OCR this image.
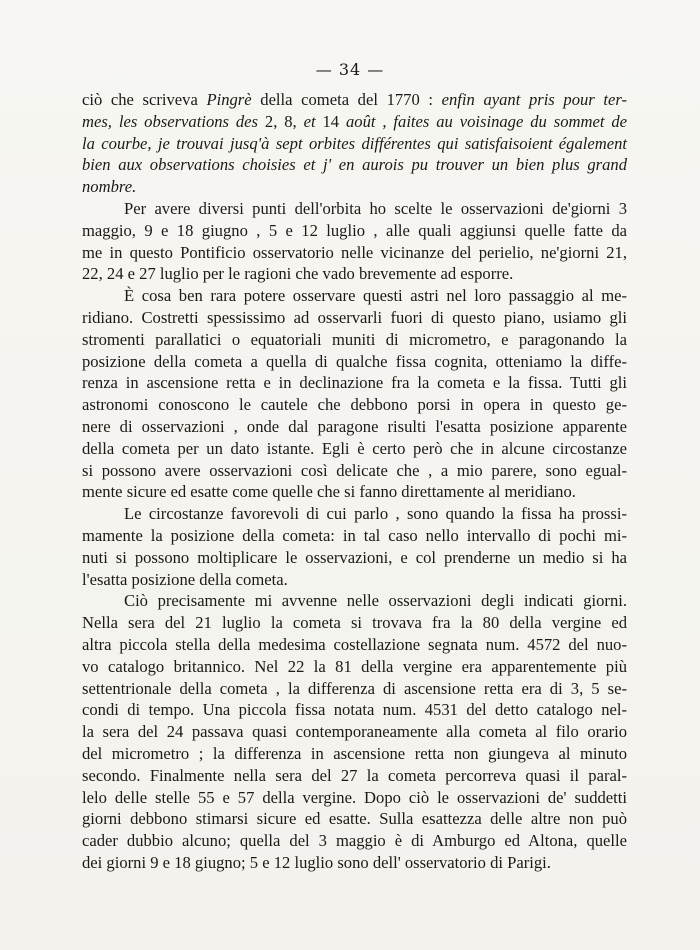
— 34 —
ciò che scriveva Pingrè della cometa del 1770 : enfin ayant pris pour ter-
mes, les observations des 2, 8, et 14 août , faites au voisinage du sommet de
la courbe, je trouvai jusq'à sept orbites différentes qui satisfaisoient également
bien aux observations choisies et j' en aurois pu trouver un bien plus grand
nombre.
Per avere diversi punti dell'orbita ho scelte le osservazioni de'giorni 3
maggio, 9 e 18 giugno , 5 e 12 luglio , alle quali aggiunsi quelle fatte da
me in questo Pontificio osservatorio nelle vicinanze del perielio, ne'giorni 21,
22, 24 e 27 luglio per le ragioni che vado brevemente ad esporre.
È cosa ben rara potere osservare questi astri nel loro passaggio al me-
ridiano. Costretti spessissimo ad osservarli fuori di questo piano, usiamo gli
stromenti parallatici o equatoriali muniti di micrometro, e paragonando la
posizione della cometa a quella di qualche fissa cognita, otteniamo la diffe-
renza in ascensione retta e in declinazione fra la cometa e la fissa. Tutti gli
astronomi conoscono le cautele che debbono porsi in opera in questo ge-
nere di osservazioni , onde dal paragone risulti l'esatta posizione apparente
della cometa per un dato istante. Egli è certo però che in alcune circostanze
si possono avere osservazioni così delicate che , a mio parere, sono egual-
mente sicure ed esatte come quelle che si fanno direttamente al meridiano.
Le circostanze favorevoli di cui parlo , sono quando la fissa ha prossi-
mamente la posizione della cometa: in tal caso nello intervallo di pochi mi-
nuti si possono moltiplicare le osservazioni, e col prenderne un medio si ha
l'esatta posizione della cometa.
Ciò precisamente mi avvenne nelle osservazioni degli indicati giorni.
Nella sera del 21 luglio la cometa si trovava fra la 80 della vergine ed
altra piccola stella della medesima costellazione segnata num. 4572 del nuo-
vo catalogo britannico. Nel 22 la 81 della vergine era apparentemente più
settentrionale della cometa , la differenza di ascensione retta era di 3, 5 se-
condi di tempo. Una piccola fissa notata num. 4531 del detto catalogo nel-
la sera del 24 passava quasi contemporaneamente alla cometa al filo orario
del micrometro ; la differenza in ascensione retta non giungeva al minuto
secondo. Finalmente nella sera del 27 la cometa percorreva quasi il paral-
lelo delle stelle 55 e 57 della vergine. Dopo ciò le osservazioni de' suddetti
giorni debbono stimarsi sicure ed esatte. Sulla esattezza delle altre non può
cader dubbio alcuno; quella del 3 maggio è di Amburgo ed Altona, quelle
dei giorni 9 e 18 giugno; 5 e 12 luglio sono dell' osservatorio di Parigi.
